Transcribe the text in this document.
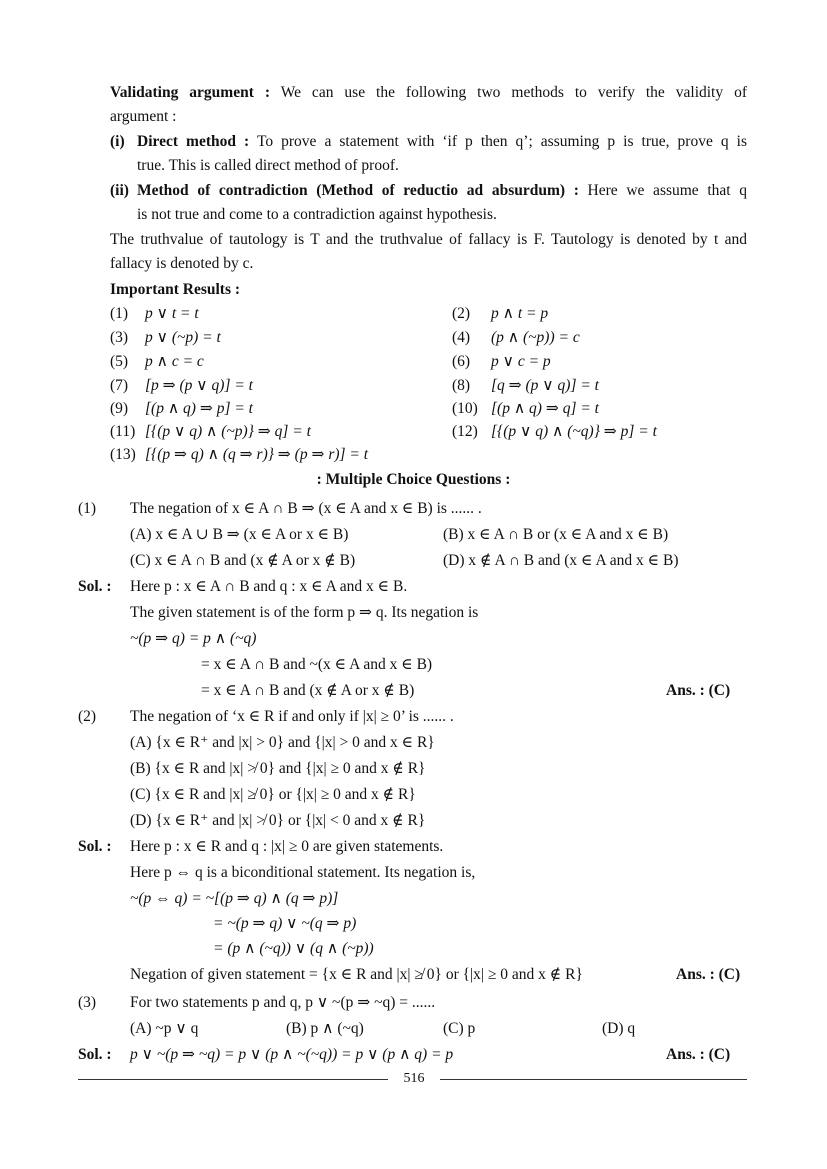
Validating argument : We can use the following two methods to verify the validity of
argument :
(i) Direct method : To prove a statement with ‘if p then q’; assuming p is true, prove q is
true. This is called direct method of proof.
(ii) Method of contradiction (Method of reductio ad absurdum) : Here we assume that q
is not true and come to a contradiction against hypothesis.
The truthvalue of tautology is T and the truthvalue of fallacy is F. Tautology is denoted by t and
fallacy is denoted by c.
Important Results :
(1) p ∨ t = t	(2) p ∧ t = p
(3) p ∨ (~p) = t	(4) (p ∧ (~p)) = c
(5) p ∧ c = c	(6) p ∨ c = p
(7) [p ⇒ (p ∨ q)] = t	(8) [q ⇒ (p ∨ q)] = t
(9) [(p ∧ q) ⇒ p] = t	(10) [(p ∧ q) ⇒ q] = t
(11) [{(p ∨ q) ∧ (~p)} ⇒ q] = t	(12) [{(p ∨ q) ∧ (~q)} ⇒ p] = t
(13) [{(p ⇒ q) ∧ (q ⇒ r)} ⇒ (p ⇒ r)] = t
: Multiple Choice Questions :
(1) The negation of x ∈ A ∩ B ⇒ (x ∈ A and x ∈ B) is ...... .
(A) x ∈ A ∪ B ⇒ (x ∈ A or x ∈ B)	(B) x ∈ A ∩ B or (x ∈ A and x ∈ B)
(C) x ∈ A ∩ B and (x ∉ A or x ∉ B)	(D) x ∉ A ∩ B and (x ∈ A and x ∈ B)
Sol. : Here p : x ∈ A ∩ B and q : x ∈ A and x ∈ B.
The given statement is of the form p ⇒ q. Its negation is
~(p ⇒ q) = p ∧ (~q)
= x ∈ A ∩ B and ~(x ∈ A and x ∈ B)
= x ∈ A ∩ B and (x ∉ A or x ∉ B)	Ans. : (C)
(2) The negation of ‘x ∈ R if and only if |x| ≥ 0’ is ...... .
(A) {x ∈ R⁺ and |x| > 0} and {|x| > 0 and x ∈ R}
(B) {x ∈ R and |x| ≯ 0} and {|x| ≥ 0 and x ∉ R}
(C) {x ∈ R and |x| ≱ 0} or {|x| ≥ 0 and x ∉ R}
(D) {x ∈ R⁺ and |x| ≯ 0} or {|x| < 0 and x ∉ R}
Sol. : Here p : x ∈ R and q : |x| ≥ 0 are given statements.
Here p ⇔ q is a biconditional statement. Its negation is,
~(p ⇔ q) = ~[(p ⇒ q) ∧ (q ⇒ p)]
= ~(p ⇒ q) ∨ ~(q ⇒ p)
= (p ∧ (~q)) ∨ (q ∧ (~p))
Negation of given statement = {x ∈ R and |x| ≱ 0} or {|x| ≥ 0 and x ∉ R}	Ans. : (C)
(3) For two statements p and q, p ∨ ~(p ⇒ ~q) = ......
(A) ~p ∨ q	(B) p ∧ (~q)	(C) p	(D) q
Sol. : p ∨ ~(p ⇒ ~q) = p ∨ (p ∧ ~(~q)) = p ∨ (p ∧ q) = p	Ans. : (C)
516
